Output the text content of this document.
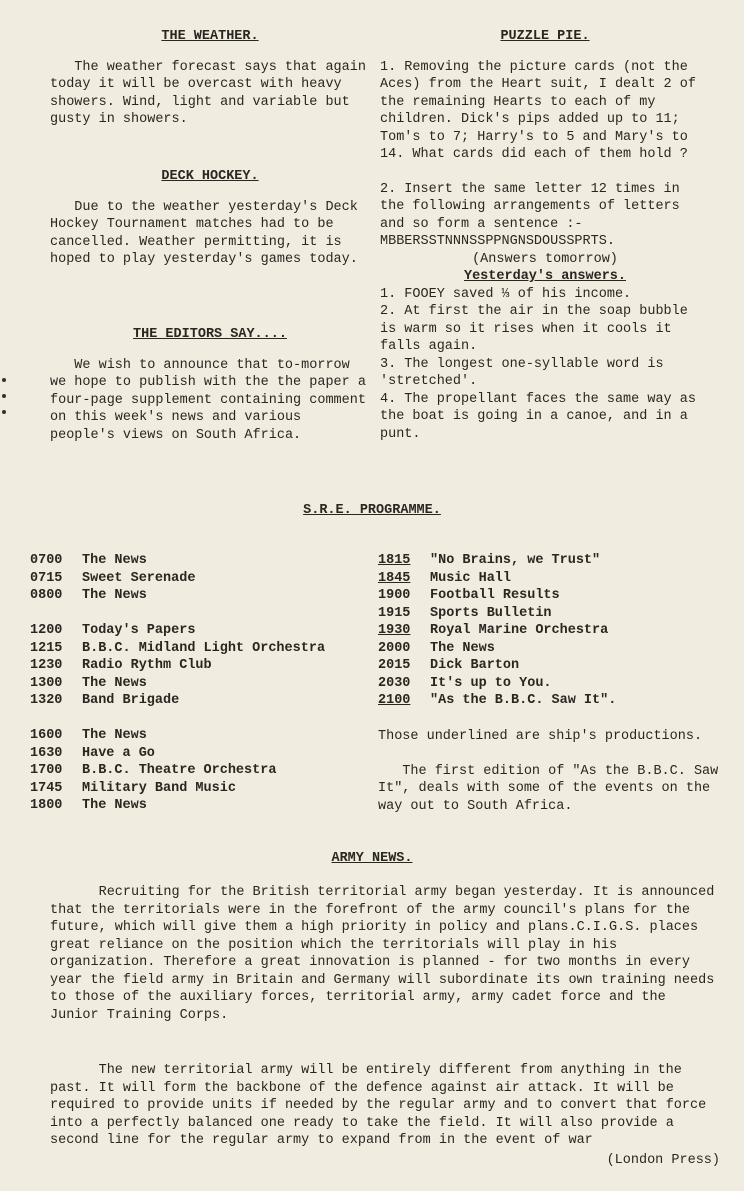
THE WEATHER.

The weather forecast says that again today it will be overcast with heavy showers. Wind, light and variable but gusty in showers.

DECK HOCKEY.

Due to the weather yesterday's Deck Hockey Tournament matches had to be cancelled. Weather permitting, it is hoped to play yesterday's games today.

THE EDITORS SAY....

We wish to announce that to-morrow we hope to publish with the the paper a four-page supplement containing comment on this week's news and various people's views on South Africa.

PUZZLE PIE.

1. Removing the picture cards (not the Aces) from the Heart suit, I dealt 2 of the remaining Hearts to each of my children. Dick's pips added up to 11; Tom's to 7; Harry's to 5 and Mary's to 14. What cards did each of them hold ?

2. Insert the same letter 12 times in the following arrangements of letters and so form a sentence :- MBBERSSTNNNSSPPNGNSDOUSSPRTS.

(Answers tomorrow)

Yesterday's answers.

1. FOOEY saved ⅓ of his income.

2. At first the air in the soap bubble is warm so it rises when it cools it falls again.

3. The longest one-syllable word is 'stretched'.

4. The propellant faces the same way as the boat is going in a canoe, and in a punt.

S.R.E. PROGRAMME.
0700	The News
0715	Sweet Serenade
0800	The News

1200	Today's Papers
1215	B.B.C. Midland Light Orchestra
1230	Radio Rythm Club
1300	The News
1320	Band Brigade

1600	The News
1630	Have a Go
1700	B.B.C. Theatre Orchestra
1745	Military Band Music
1800	The News
1815	"No Brains, we Trust"
1845	Music Hall
1900	Football Results
1915	Sports Bulletin
1930	Royal Marine Orchestra
2000	The News
2015	Dick Barton
2030	It's up to You.
2100	"As the B.B.C. Saw It".

Those underlined are ship's productions.

The first edition of "As the B.B.C. Saw It", deals with some of the events on the way out to South Africa.

ARMY NEWS.

Recruiting for the British territorial army began yesterday. It is announced that the territorials were in the forefront of the army council's plans for the future, which will give them a high priority in policy and plans.C.I.G.S. places great reliance on the position which the territorials will play in his organization. Therefore a great innovation is planned - for two months in every year the field army in Britain and Germany will subordinate its own training needs to those of the auxiliary forces, territorial army, army cadet force and the Junior Training Corps.

The new territorial army will be entirely different from anything in the past. It will form the backbone of the defence against air attack. It will be required to provide units if needed by the regular army and to convert that force into a perfectly balanced one ready to take the field. It will also provide a second line for the regular army to expand from in the event of war

(London Press)
